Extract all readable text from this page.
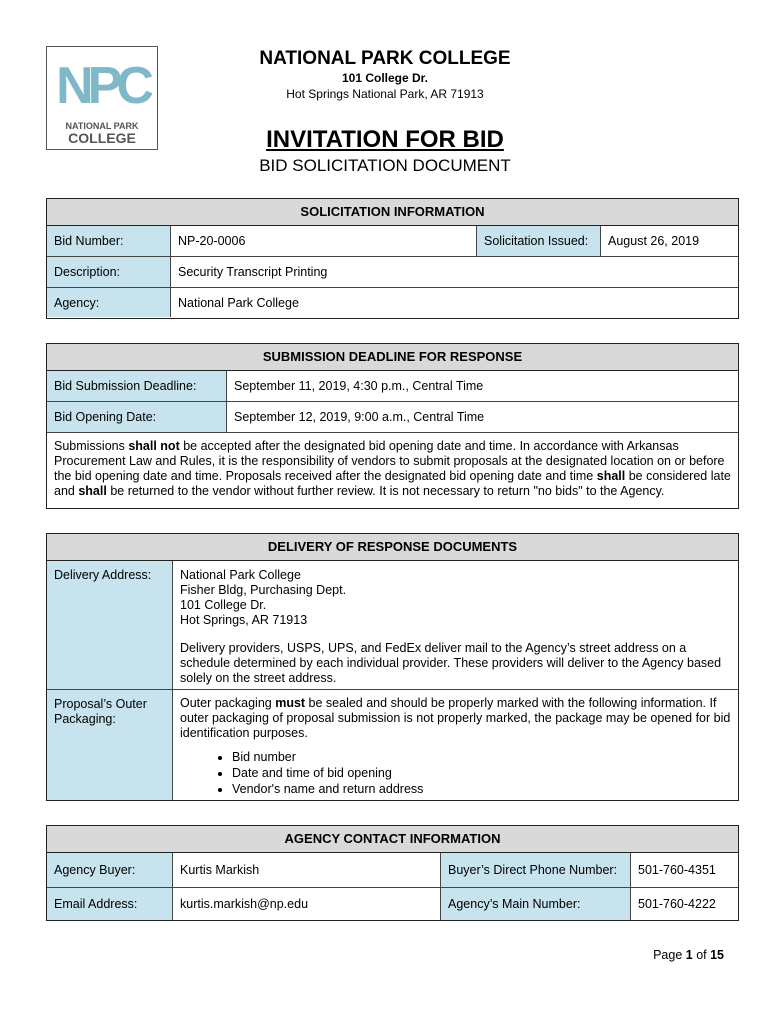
NPC
NATIONAL PARK
COLLEGE
NATIONAL PARK COLLEGE
101 College Dr.
Hot Springs National Park, AR 71913
INVITATION FOR BID
BID SOLICITATION DOCUMENT
SOLICITATION INFORMATION
Bid Number:	NP-20-0006	Solicitation Issued:	August 26, 2019
Description:	Security Transcript Printing
Agency:	National Park College
SUBMISSION DEADLINE FOR RESPONSE
Bid Submission Deadline:	September 11, 2019, 4:30 p.m., Central Time
Bid Opening Date:	September 12, 2019, 9:00 a.m., Central Time
Submissions shall not be accepted after the designated bid opening date and time. In accordance with Arkansas Procurement Law and Rules, it is the responsibility of vendors to submit proposals at the designated location on or before the bid opening date and time. Proposals received after the designated bid opening date and time shall be considered late and shall be returned to the vendor without further review. It is not necessary to return "no bids" to the Agency.
DELIVERY OF RESPONSE DOCUMENTS
Delivery Address:	National Park College
Fisher Bldg, Purchasing Dept.
101 College Dr.
Hot Springs, AR 71913
Delivery providers, USPS, UPS, and FedEx deliver mail to the Agency’s street address on a schedule determined by each individual provider. These providers will deliver to the Agency based solely on the street address.
Proposal’s Outer Packaging:
Outer packaging must be sealed and should be properly marked with the following information. If outer packaging of proposal submission is not properly marked, the package may be opened for bid identification purposes.
• Bid number
• Date and time of bid opening
• Vendor's name and return address
AGENCY CONTACT INFORMATION
Agency Buyer:	Kurtis Markish	Buyer’s Direct Phone Number:	501-760-4351
Email Address:	kurtis.markish@np.edu	Agency’s Main Number:	501-760-4222
Page 1 of 15
